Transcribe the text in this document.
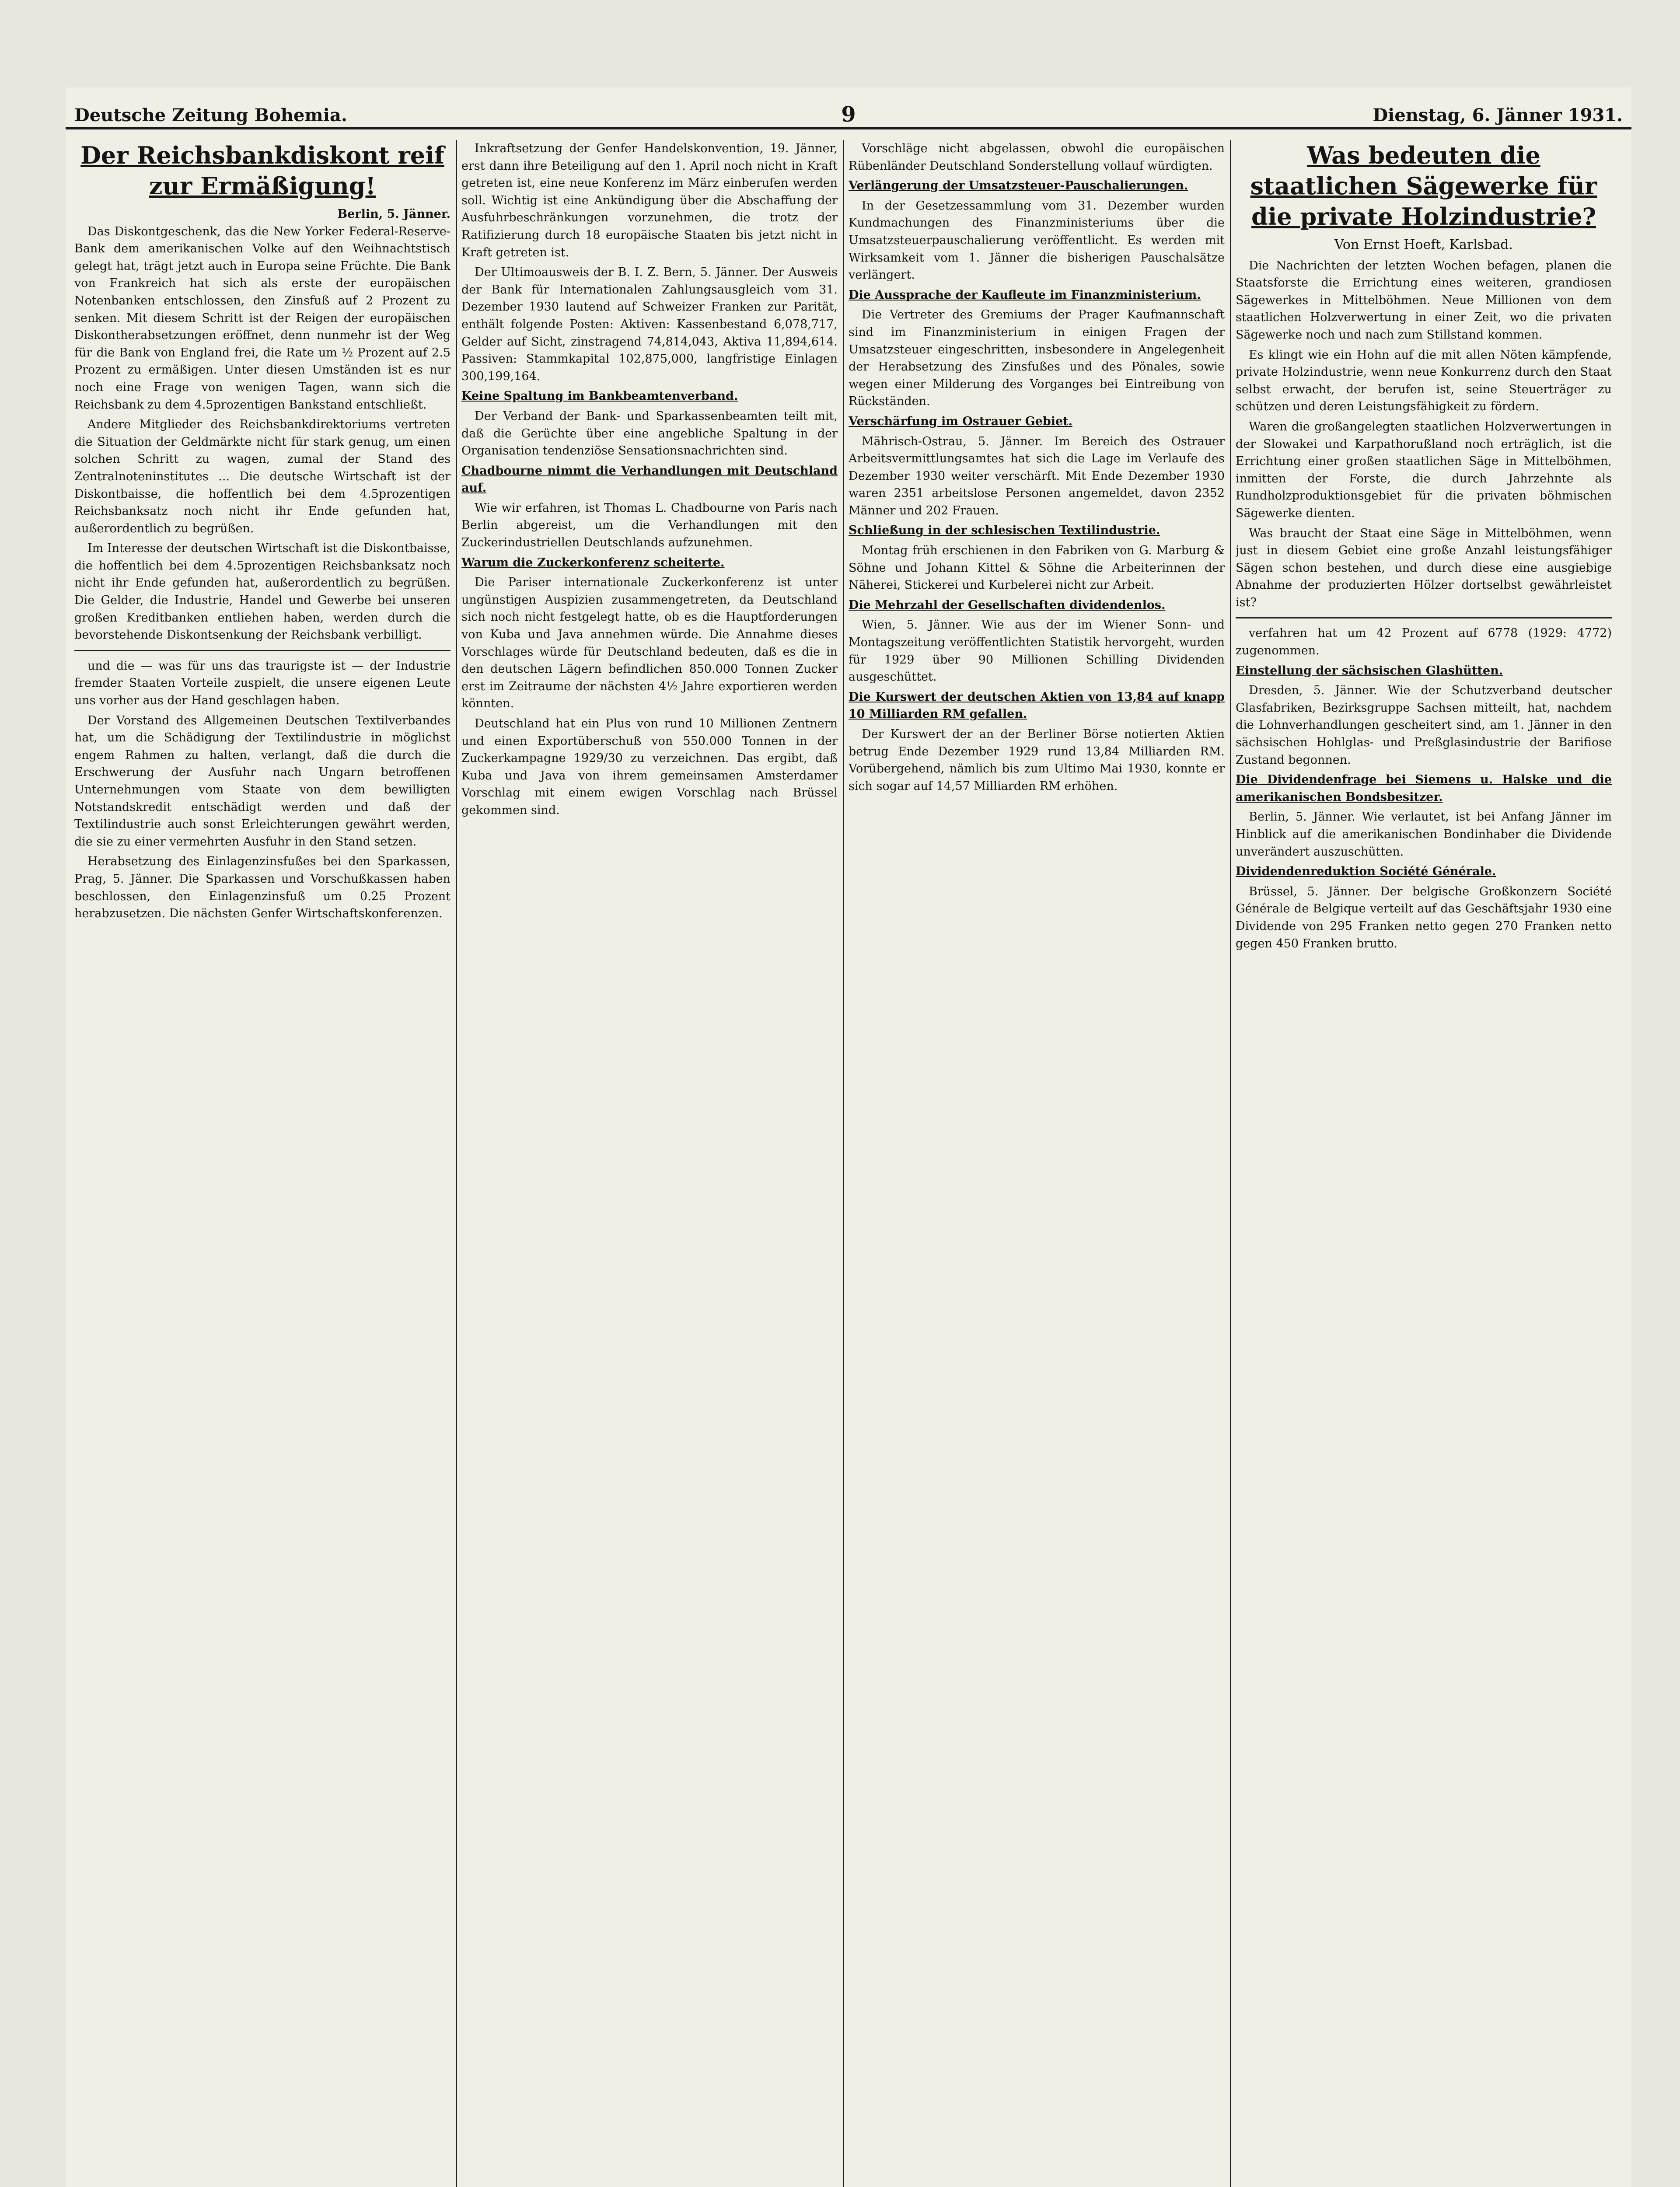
Deutsche Zeitung Bohemia.	9	Dienstag, 6. Jänner 1931.
Der Reichsbankdiskont reif zur Ermäßigung!
Berlin, 5. Jänner.

Das Diskontgeschenk, das die New Yorker Federal-Reserve-Bank dem amerikanischen Volke auf den Weihnachtstisch gelegt hat, trägt jetzt auch in Europa seine Früchte. Die Bank von Frankreich hat sich als erste der europäischen Notenbanken entschlossen, den Zinsfuß auf 2 Prozent zu senken. Mit diesem Schritt ist der Reigen der europäischen Diskontherabsetzungen eröffnet, denn nunmehr ist der Weg für die Bank von England frei, die Rate um ½ Prozent auf 2.5 Prozent zu ermäßigen. Unter diesen Umständen ist es nur noch eine Frage von wenigen Tagen, wann sich die Reichsbank zu dem 4.5prozentigen Bankstand entschließt.

Andere Mitglieder des Reichsbankdirektoriums vertreten die Situation der Geldmärkte nicht für stark genug, um einen solchen Schritt zu wagen, zumal der Stand des Zentralnoteninstitutes ... Die deutsche Wirtschaft ist der Diskontbaisse, die hoffentlich bei dem 4.5prozentigen Reichsbanksatz noch nicht ihr Ende gefunden hat, außerordentlich zu begrüßen.

Im Interesse der deutschen Wirtschaft ist die Diskontbaisse, die hoffentlich bei dem 4.5prozentigen Reichsbanksatz noch nicht ihr Ende gefunden hat, außerordentlich zu begrüßen. Die Gelder, die Industrie, Handel und Gewerbe bei unseren großen Kreditbanken entliehen haben, werden durch die bevorstehende Diskontsenkung der Reichsbank verbilligt.

und die — was für uns das traurigste ist — der Industrie fremder Staaten Vorteile zuspielt, die unsere eigenen Leute uns vorher aus der Hand geschlagen haben.

Der Vorstand des Allgemeinen Deutschen Textilverbandes hat, um die Schädigung der Textilindustrie in möglichst engem Rahmen zu halten, verlangt, daß die durch die Erschwerung der Ausfuhr nach Ungarn betroffenen Unternehmungen vom Staate von dem bewilligten Notstandskredit entschädigt werden und daß der Textilindustrie auch sonst Erleichterungen gewährt werden, die sie zu einer vermehrten Ausfuhr in den Stand setzen.

Herabsetzung des Einlagenzinsfußes bei den Sparkassen, Prag, 5. Jänner. Die Sparkassen und Vorschußkassen haben beschlossen, den Einlagenzinsfuß um 0.25 Prozent herabzusetzen. Die nächsten Genfer Wirtschaftskonferenzen.

Inkraftsetzung der Genfer Handelskonvention, 19. Jänner, erst dann ihre Beteiligung auf den 1. April noch nicht in Kraft getreten ist, eine neue Konferenz im März einberufen werden soll. Wichtig ist eine Ankündigung über die Abschaffung der Ausfuhrbeschränkungen vorzunehmen, die trotz der Ratifizierung durch 18 europäische Staaten bis jetzt nicht in Kraft getreten ist.

Der Ultimoausweis der B. I. Z. Bern, 5. Jänner. Der Ausweis der Bank für Internationalen Zahlungsausgleich vom 31. Dezember 1930 lautend auf Schweizer Franken zur Parität, enthält folgende Posten: Aktiven: Kassenbestand 6,078,717, Gelder auf Sicht, zinstragend 74,814,043, Aktiva 11,894,614. Passiven: Stammkapital 102,875,000, langfristige Einlagen 300,199,164.

Keine Spaltung im Bankbeamtenverband.

Der Verband der Bank- und Sparkassenbeamten teilt mit, daß die Gerüchte über eine angebliche Spaltung in der Organisation tendenziöse Sensationsnachrichten sind.

Chadbourne nimmt die Verhandlungen mit Deutschland auf.

Wie wir erfahren, ist Thomas L. Chadbourne von Paris nach Berlin abgereist, um die Verhandlungen mit den Zuckerindustriellen Deutschlands aufzunehmen.

Warum die Zuckerkonferenz scheiterte.

Die Pariser internationale Zuckerkonferenz ist unter ungünstigen Auspizien zusammengetreten, da Deutschland sich noch nicht festgelegt hatte, ob es die Hauptforderungen von Kuba und Java annehmen würde. Die Annahme dieses Vorschlages würde für Deutschland bedeuten, daß es die in den deutschen Lägern befindlichen 850.000 Tonnen Zucker erst im Zeitraume der nächsten 4½ Jahre exportieren werden könnten.

Deutschland hat ein Plus von rund 10 Millionen Zentnern und einen Exportüberschuß von 550.000 Tonnen in der Zuckerkampagne 1929/30 zu verzeichnen. Das ergibt, daß Kuba und Java von ihrem gemeinsamen Amsterdamer Vorschlag mit einem ewigen Vorschlag nach Brüssel gekommen sind.

Vorschläge nicht abgelassen, obwohl die europäischen Rübenländer Deutschland Sonderstellung vollauf würdigten.

Verlängerung der Umsatzsteuer-Pauschalierungen.

In der Gesetzessammlung vom 31. Dezember wurden Kundmachungen des Finanzministeriums über die Umsatzsteuerpauschalierung veröffentlicht. Es werden mit Wirksamkeit vom 1. Jänner die bisherigen Pauschalsätze verlängert.

Die Aussprache der Kaufleute im Finanzministerium.

Die Vertreter des Gremiums der Prager Kaufmannschaft sind im Finanzministerium in einigen Fragen der Umsatzsteuer eingeschritten, insbesondere in Angelegenheit der Herabsetzung des Zinsfußes und des Pönales, sowie wegen einer Milderung des Vorganges bei Eintreibung von Rückständen.

Verschärfung im Ostrauer Gebiet.

Mährisch-Ostrau, 5. Jänner. Im Bereich des Ostrauer Arbeitsvermittlungsamtes hat sich die Lage im Verlaufe des Dezember 1930 weiter verschärft. Mit Ende Dezember 1930 waren 2351 arbeitslose Personen angemeldet, davon 2352 Männer und 202 Frauen.

Schließung in der schlesischen Textilindustrie.

Montag früh erschienen in den Fabriken von G. Marburg & Söhne und Johann Kittel & Söhne die Arbeiterinnen der Näherei, Stickerei und Kurbelerei nicht zur Arbeit.

Die Mehrzahl der Gesellschaften dividendenlos.

Wien, 5. Jänner. Wie aus der im Wiener Sonn- und Montagszeitung veröffentlichten Statistik hervorgeht, wurden für 1929 über 90 Millionen Schilling Dividenden ausgeschüttet.

Die Kurswert der deutschen Aktien von 13,84 auf knapp 10 Milliarden RM gefallen.

Der Kurswert der an der Berliner Börse notierten Aktien betrug Ende Dezember 1929 rund 13,84 Milliarden RM. Vorübergehend, nämlich bis zum Ultimo Mai 1930, konnte er sich sogar auf 14,57 Milliarden RM erhöhen.

Was bedeuten die staatlichen Sägewerke für die private Holzindustrie?
Von Ernst Hoeft, Karlsbad.

Die Nachrichten der letzten Wochen befagen, planen die Staatsforste die Errichtung eines weiteren, grandiosen Sägewerkes in Mittelböhmen. Neue Millionen von dem staatlichen Holzverwertung in einer Zeit, wo die privaten Sägewerke noch und nach zum Stillstand kommen.

Es klingt wie ein Hohn auf die mit allen Nöten kämpfende, private Holzindustrie, wenn neue Konkurrenz durch den Staat selbst erwacht, der berufen ist, seine Steuerträger zu schützen und deren Leistungsfähigkeit zu fördern.

Waren die großangelegten staatlichen Holzverwertungen in der Slowakei und Karpathorußland noch erträglich, ist die Errichtung einer großen staatlichen Säge in Mittelböhmen, inmitten der Forste, die durch Jahrzehnte als Rundholzproduktionsgebiet für die privaten böhmischen Sägewerke dienten.

Was braucht der Staat eine Säge in Mittelböhmen, wenn just in diesem Gebiet eine große Anzahl leistungsfähiger Sägen schon bestehen, und durch diese eine ausgiebige Abnahme der produzierten Hölzer dortselbst gewährleistet ist?

verfahren hat um 42 Prozent auf 6778 (1929: 4772) zugenommen.

Einstellung der sächsischen Glashütten.

Dresden, 5. Jänner. Wie der Schutzverband deutscher Glasfabriken, Bezirksgruppe Sachsen mitteilt, hat, nachdem die Lohnverhandlungen gescheitert sind, am 1. Jänner in den sächsischen Hohlglas- und Preßglasindustrie der Barifiose Zustand begonnen.

Die Dividendenfrage bei Siemens u. Halske und die amerikanischen Bondsbesitzer.

Berlin, 5. Jänner. Wie verlautet, ist bei Anfang Jänner im Hinblick auf die amerikanischen Bondinhaber die Dividende unverändert auszuschütten.

Dividendenreduktion Société Générale.

Brüssel, 5. Jänner. Der belgische Großkonzern Société Générale de Belgique verteilt auf das Geschäftsjahr 1930 eine Dividende von 295 Franken netto gegen 270 Franken netto gegen 450 Franken brutto.
